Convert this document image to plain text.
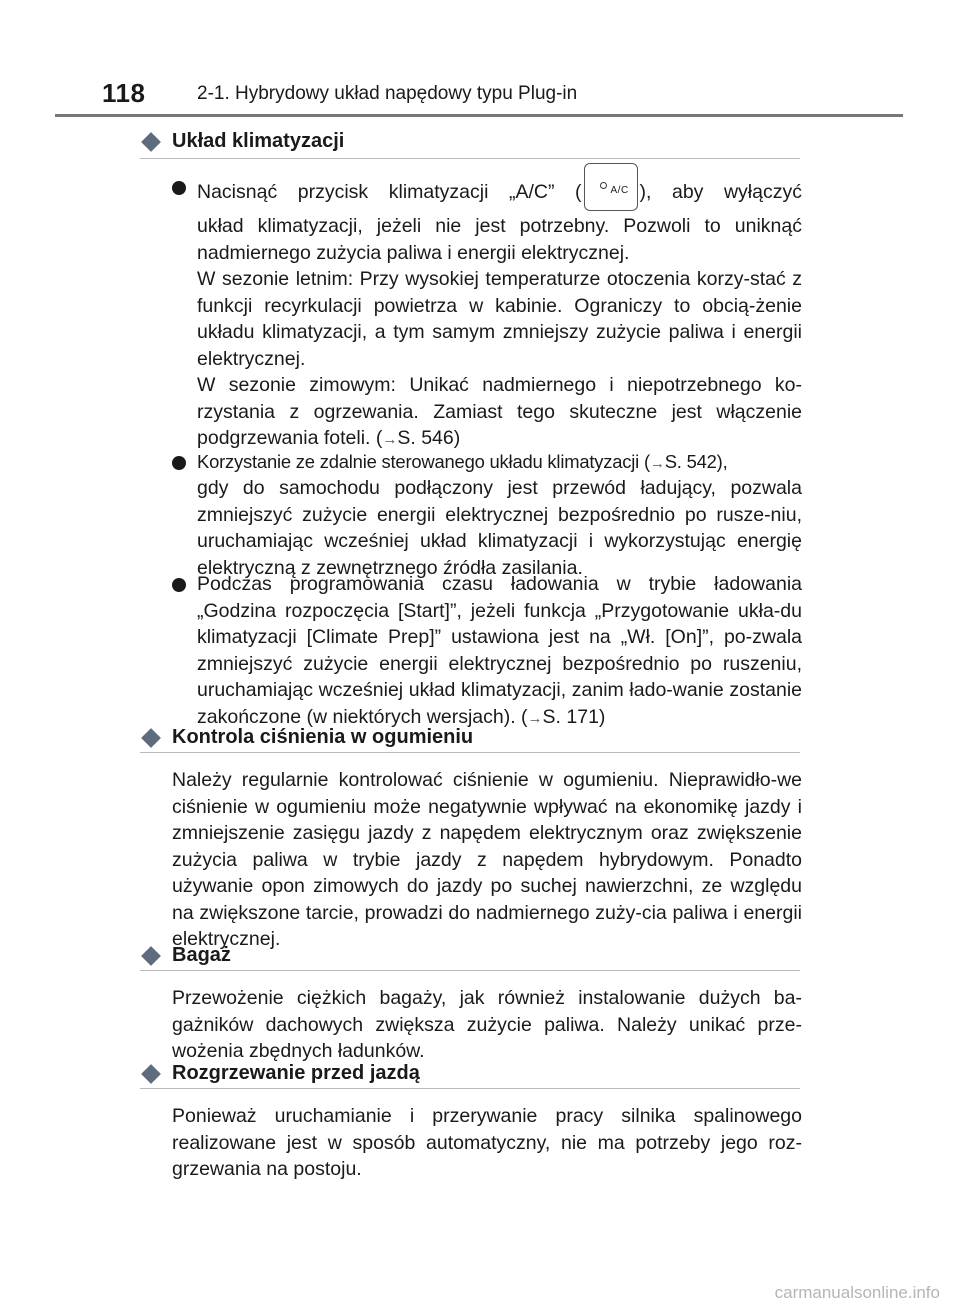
118	2-1. Hybrydowy układ napędowy typu Plug-in
Układ klimatyzacji
Nacisnąć przycisk klimatyzacji „A/C” (	A/C ), aby wyłączyć
układ klimatyzacji, jeżeli nie jest potrzebny. Pozwoli to uniknąć nadmiernego zużycia paliwa i energii elektrycznej.
W sezonie letnim: Przy wysokiej temperaturze otoczenia korzy-stać z funkcji recyrkulacji powietrza w kabinie. Ograniczy to obcią-żenie układu klimatyzacji, a tym samym zmniejszy zużycie paliwa i energii elektrycznej.
W sezonie zimowym: Unikać nadmiernego i niepotrzebnego ko-rzystania z ogrzewania. Zamiast tego skuteczne jest włączenie podgrzewania foteli. (→S. 546)
Korzystanie ze zdalnie sterowanego układu klimatyzacji (→S. 542),
gdy do samochodu podłączony jest przewód ładujący, pozwala zmniejszyć zużycie energii elektrycznej bezpośrednio po rusze-niu, uruchamiając wcześniej układ klimatyzacji i wykorzystując energię elektryczną z zewnętrznego źródła zasilania.
Podczas programowania czasu ładowania w trybie ładowania „Godzina rozpoczęcia [Start]”, jeżeli funkcja „Przygotowanie ukła-du klimatyzacji [Climate Prep]” ustawiona jest na „Wł. [On]”, po-zwala zmniejszyć zużycie energii elektrycznej bezpośrednio po ruszeniu, uruchamiając wcześniej układ klimatyzacji, zanim łado-wanie zostanie zakończone (w niektórych wersjach). (→S. 171)
Kontrola ciśnienia w ogumieniu
Należy regularnie kontrolować ciśnienie w ogumieniu. Nieprawidło-we ciśnienie w ogumieniu może negatywnie wpływać na ekonomikę jazdy i zmniejszenie zasięgu jazdy z napędem elektrycznym oraz zwiększenie zużycia paliwa w trybie jazdy z napędem hybrydowym. Ponadto używanie opon zimowych do jazdy po suchej nawierzchni, ze względu na zwiększone tarcie, prowadzi do nadmiernego zuży-cia paliwa i energii elektrycznej.
Bagaż
Przewożenie ciężkich bagaży, jak również instalowanie dużych ba-gażników dachowych zwiększa zużycie paliwa. Należy unikać prze-wożenia zbędnych ładunków.
Rozgrzewanie przed jazdą
Ponieważ uruchamianie i przerywanie pracy silnika spalinowego realizowane jest w sposób automatyczny, nie ma potrzeby jego roz-grzewania na postoju.
carmanualsonline.info
